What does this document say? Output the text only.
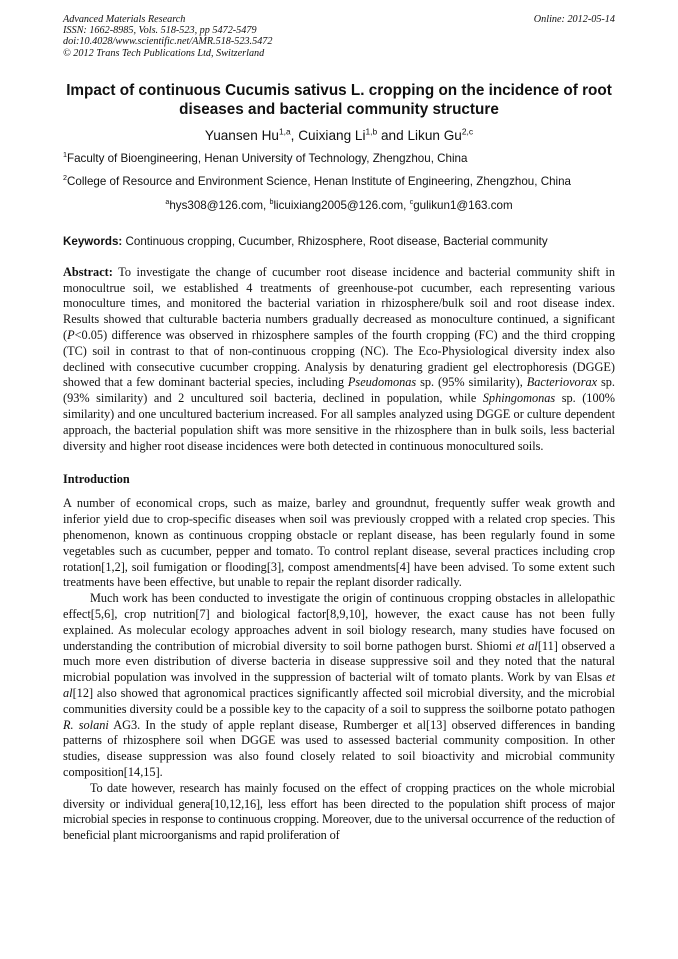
Advanced Materials Research
ISSN: 1662-8985, Vols. 518-523, pp 5472-5479
doi:10.4028/www.scientific.net/AMR.518-523.5472
© 2012 Trans Tech Publications Ltd, Switzerland
Online: 2012-05-14
Impact of continuous Cucumis sativus L. cropping on the incidence of root diseases and bacterial community structure
Yuansen Hu$^{1,a}$, Cuixiang Li$^{1,b}$ and Likun Gu$^{2,c}$
$^1$Faculty of Bioengineering, Henan University of Technology, Zhengzhou, China
$^2$College of Resource and Environment Science, Henan Institute of Engineering, Zhengzhou, China
$^a$hys308@126.com, $^b$licuixiang2005@126.com, $^c$gulikun1@163.com
Keywords: Continuous cropping, Cucumber, Rhizosphere, Root disease, Bacterial community
Abstract: To investigate the change of cucumber root disease incidence and bacterial community shift in monocultrue soil, we established 4 treatments of greenhouse-pot cucumber, each representing various monoculture times, and monitored the bacterial variation in rhizosphere/bulk soil and root disease index. Results showed that culturable bacteria numbers gradually decreased as monoculture continued, a significant (P<0.05) difference was observed in rhizosphere samples of the fourth cropping (FC) and the third cropping (TC) soil in contrast to that of non-continuous cropping (NC). The Eco-Physiological diversity index also declined with consecutive cucumber cropping. Analysis by denaturing gradient gel electrophoresis (DGGE) showed that a few dominant bacterial species, including Pseudomonas sp. (95% similarity), Bacteriovorax sp. (93% similarity) and 2 uncultured soil bacteria, declined in population, while Sphingomonas sp. (100% similarity) and one uncultured bacterium increased. For all samples analyzed using DGGE or culture dependent approach, the bacterial population shift was more sensitive in the rhizosphere than in bulk soils, less bacterial diversity and higher root disease incidences were both detected in continuous monocultured soils.
Introduction

A number of economical crops, such as maize, barley and groundnut, frequently suffer weak growth and inferior yield due to crop-specific diseases when soil was previously cropped with a related crop species. This phenomenon, known as continuous cropping obstacle or replant disease, has been regularly found in some vegetables such as cucumber, pepper and tomato. To control replant disease, several practices including crop rotation[1,2], soil fumigation or flooding[3], compost amendments[4] have been advised. To some extent such treatments have been effective, but unable to repair the replant disorder radically.

Much work has been conducted to investigate the origin of continuous cropping obstacles in allelopathic effect[5,6], crop nutrition[7] and biological factor[8,9,10], however, the exact cause has not been fully explained. As molecular ecology approaches advent in soil biology research, many studies have focused on understanding the contribution of microbial diversity to soil borne pathogen burst. Shiomi et al[11] observed a much more even distribution of diverse bacteria in disease suppressive soil and they noted that the natural microbial population was involved in the suppression of bacterial wilt of tomato plants. Work by van Elsas et al[12] also showed that agronomical practices significantly affected soil microbial diversity, and the microbial communities diversity could be a possible key to the capacity of a soil to suppress the soilborne potato pathogen R. solani AG3. In the study of apple replant disease, Rumberger et al[13] observed differences in banding patterns of rhizosphere soil when DGGE was used to assessed bacterial community composition. In other studies, disease suppression was also found closely related to soil bioactivity and microbial community composition[14,15].

To date however, research has mainly focused on the effect of cropping practices on the whole microbial diversity or individual genera[10,12,16], less effort has been directed to the population shift process of major microbial species in response to continuous cropping. Moreover, due to the universal occurrence of the reduction of beneficial plant microorganisms and rapid proliferation of
